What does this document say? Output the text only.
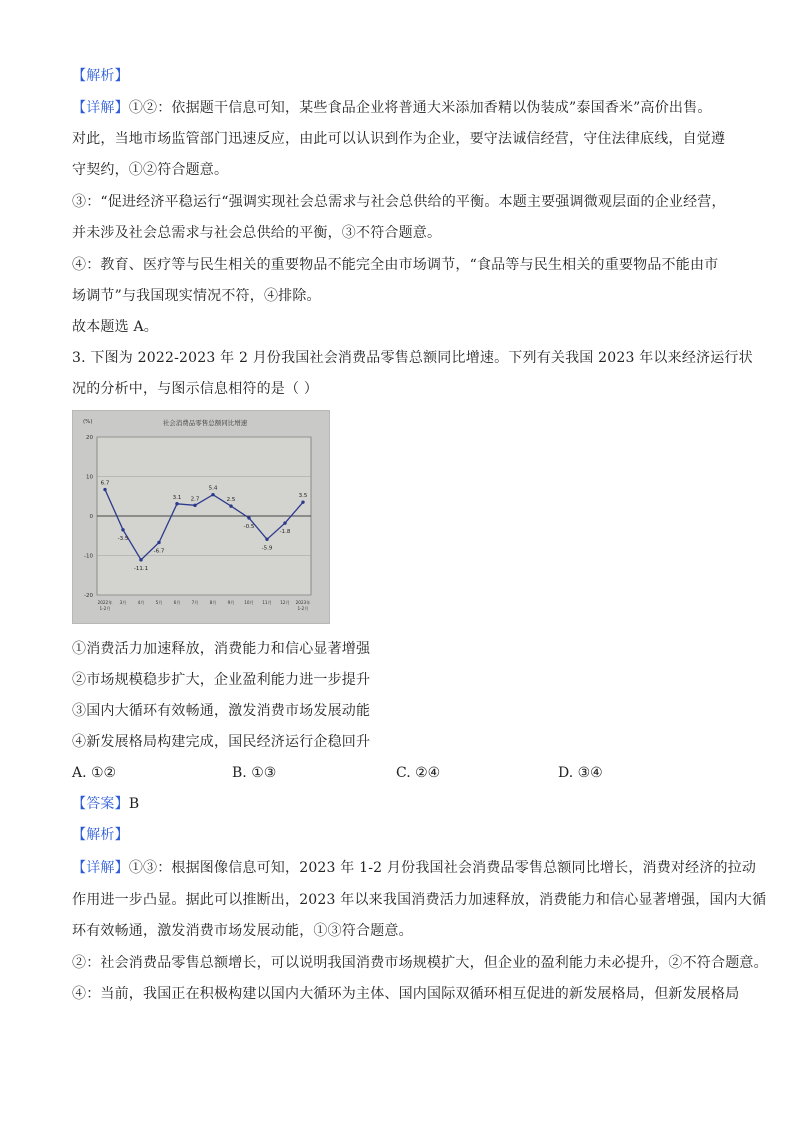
【解析】
【详解】①②：依据题干信息可知，某些食品企业将普通大米添加香精以伪装成”泰国香米”高价出售。
对此，当地市场监管部门迅速反应，由此可以认识到作为企业，要守法诚信经营，守住法律底线，自觉遵
守契约，①②符合题意。
③：“促进经济平稳运行“强调实现社会总需求与社会总供给的平衡。本题主要强调微观层面的企业经营，
并未涉及社会总需求与社会总供给的平衡，③不符合题意。
④：教育、医疗等与民生相关的重要物品不能完全由市场调节，“食品等与民生相关的重要物品不能由市
场调节”与我国现实情况不符，④排除。
故本题选 A。
3. 下图为 2022-2023 年 2 月份我国社会消费品零售总额同比增速。下列有关我国 2023 年以来经济运行状
况的分析中，与图示信息相符的是（ ）
社会消费品零售总额同比增速
(%)
20
10
0
-10
-20
6.7
-3.5
-11.1
-6.7
3.1 2.7
5.4
2.5
-0.5
-5.9
-1.8
3.5
2022年
1-2月
3月	4月	5月	6月	7月	8月	9月 10月 11月 12月 2023年
1-2月
①消费活力加速释放，消费能力和信心显著增强
②市场规模稳步扩大，企业盈利能力进一步提升
③国内大循环有效畅通，激发消费市场发展动能
④新发展格局构建完成，国民经济运行企稳回升
A. ①②	B. ①③	C. ②④	D. ③④
【答案】B
【解析】
【详解】①③：根据图像信息可知，2023 年 1-2 月份我国社会消费品零售总额同比增长，消费对经济的拉动
作用进一步凸显。据此可以推断出，2023 年以来我国消费活力加速释放，消费能力和信心显著增强，国内大循
环有效畅通，激发消费市场发展动能，①③符合题意。
②：社会消费品零售总额增长，可以说明我国消费市场规模扩大，但企业的盈利能力未必提升，②不符合题意。
④：当前，我国正在积极构建以国内大循环为主体、国内国际双循环相互促进的新发展格局，但新发展格局
